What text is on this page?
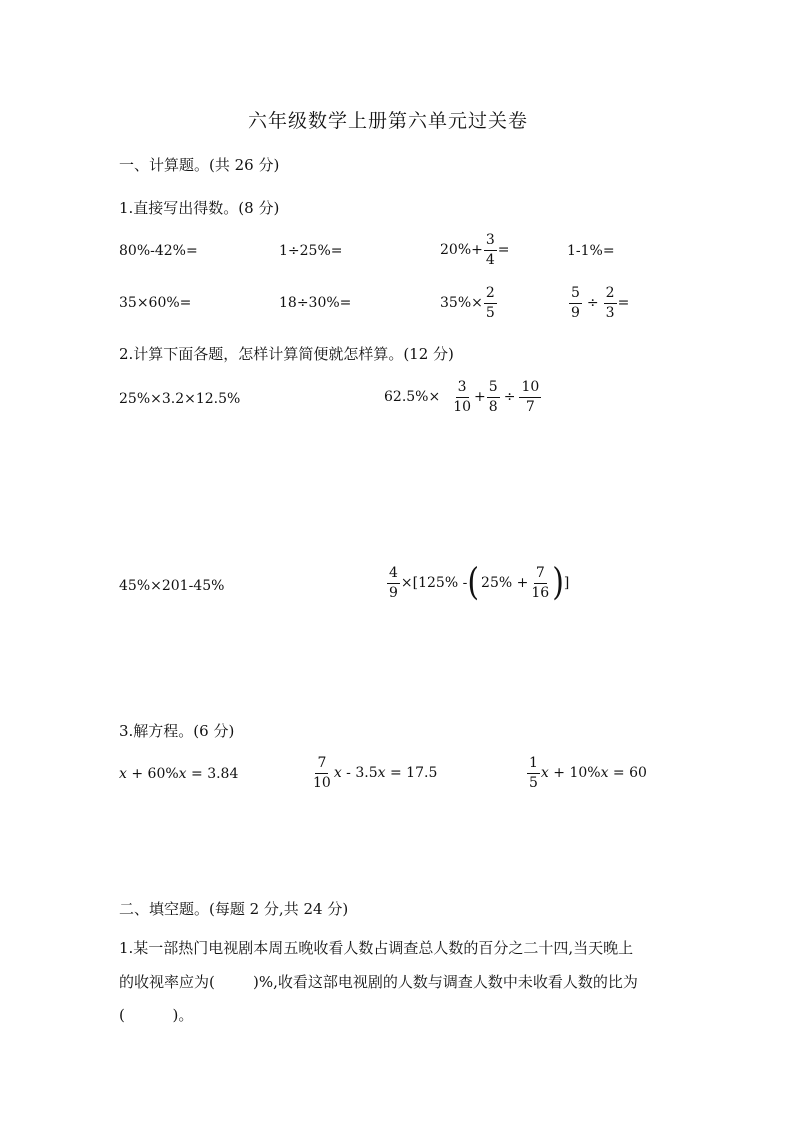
六年级数学上册第六单元过关卷
一、计算题。(共 26 分)
1.直接写出得数。(8 分)
80%-42%=	1÷25%=	$20\%+ \frac{3}{4}$ =	1-1%=
35×60%=	18÷30%=	$35\%\times \frac{2}{5}$	$\frac{5}{9} \div \frac{2}{3}$ =
2.计算下面各题，怎样计算简便就怎样算。(12 分)
25%×3.2×12.5%	$62.5\%\times \frac{3}{10} + \frac{5}{8} \div \frac{10}{7}$
45%×201-45%	$\frac{4}{9} \times[125\%$ - ( $25\% + \frac{7}{16}$ ) ]
3.解方程。(6 分)
x + 60% x = 3.84	$\frac{7}{10}$ x - 3.5 x = 17.5	$\frac{1}{5}$ x + 10% x = 60
二、填空题。(每题 2 分,共 24 分)
1.某一部热门电视剧本周五晚收看人数占调查总人数的百分之二十四,当天晚上
的收视率应为(        )%,收看这部电视剧的人数与调查人数中未收看人数的比为
(          )。
